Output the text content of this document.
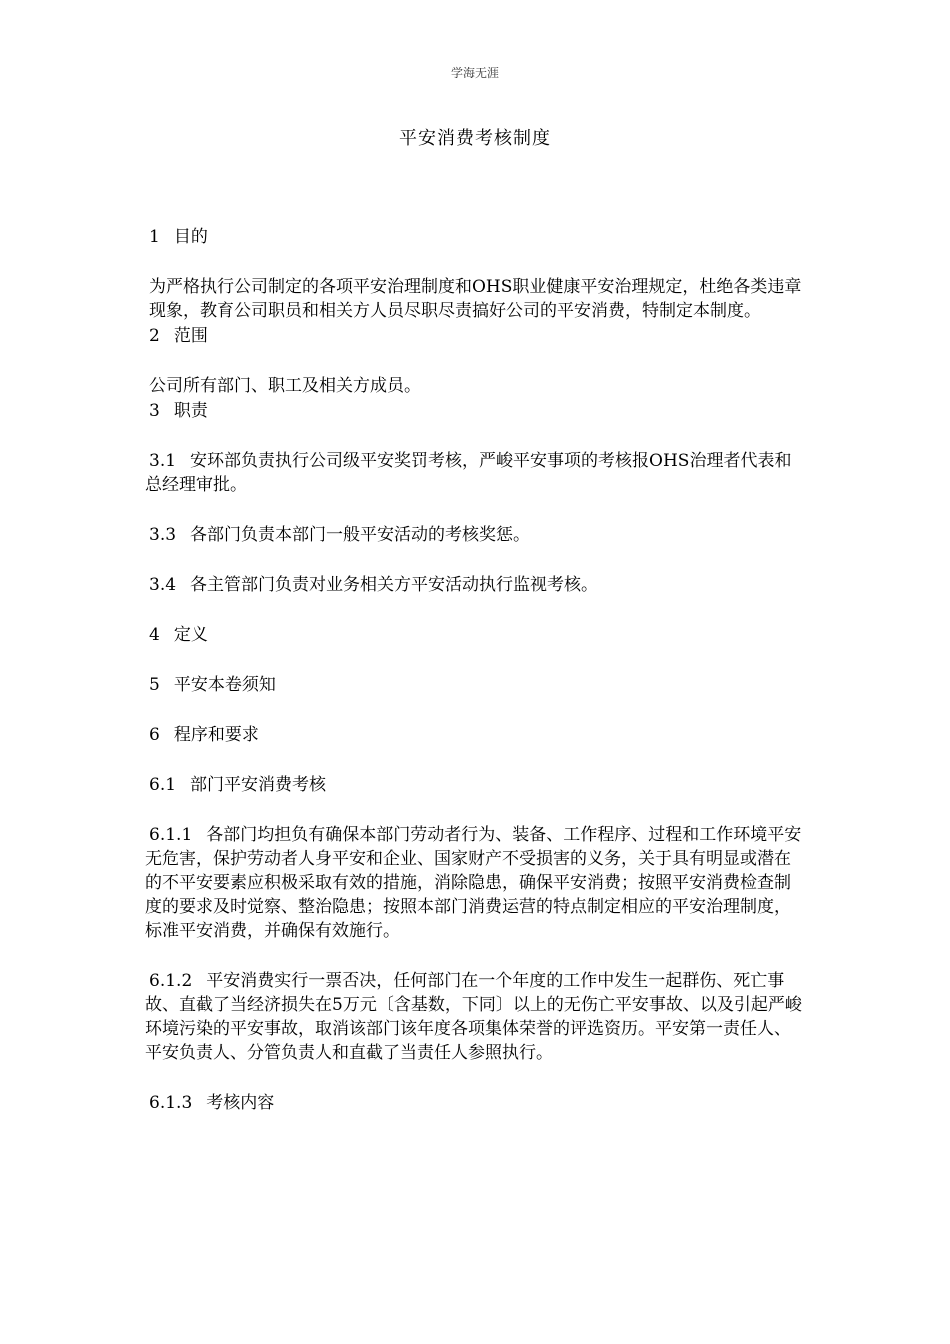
学海无涯
平安消费考核制度

1 目的

为严格执行公司制定的各项平安治理制度和OHS职业健康平安治理规定，杜绝各类违章现象，教育公司职员和相关方人员尽职尽责搞好公司的平安消费，特制定本制度。

2 范围

公司所有部门、职工及相关方成员。

3 职责

3.1 安环部负责执行公司级平安奖罚考核，严峻平安事项的考核报OHS治理者代表和总经理审批。

3.3 各部门负责本部门一般平安活动的考核奖惩。

3.4 各主管部门负责对业务相关方平安活动执行监视考核。

4 定义

5 平安本卷须知

6 程序和要求

6.1 部门平安消费考核

6.1.1 各部门均担负有确保本部门劳动者行为、装备、工作程序、过程和工作环境平安无危害，保护劳动者人身平安和企业、国家财产不受损害的义务，关于具有明显或潜在的不平安要素应积极采取有效的措施，消除隐患，确保平安消费；按照平安消费检查制度的要求及时觉察、整治隐患；按照本部门消费运营的特点制定相应的平安治理制度，标准平安消费，并确保有效施行。

6.1.2 平安消费实行一票否决，任何部门在一个年度的工作中发生一起群伤、死亡事故、直截了当经济损失在5万元〔含基数，下同〕以上的无伤亡平安事故、以及引起严峻环境污染的平安事故，取消该部门该年度各项集体荣誉的评选资历。平安第一责任人、平安负责人、分管负责人和直截了当责任人参照执行。

6.1.3 考核内容
